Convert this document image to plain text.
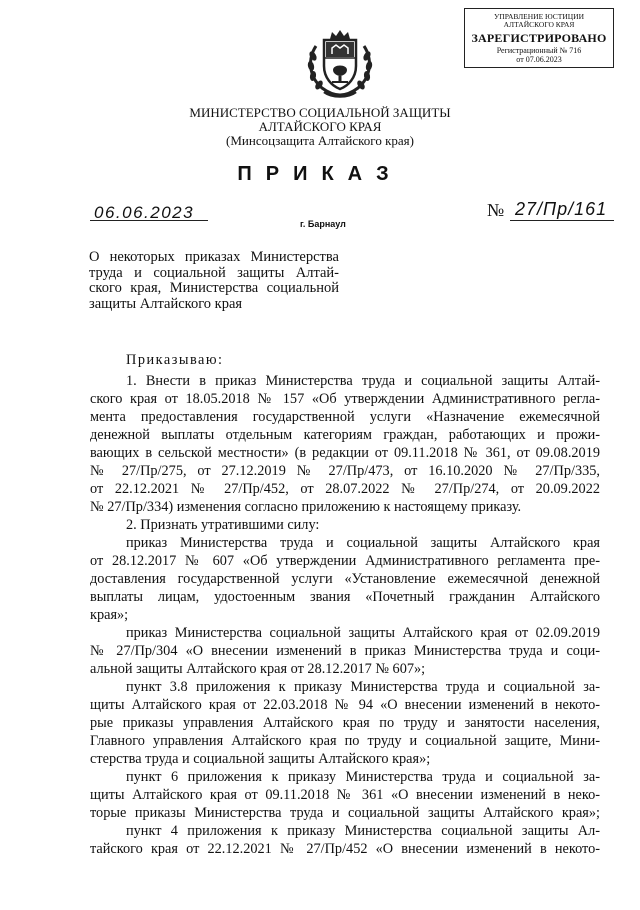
УПРАВЛЕНИЕ ЮСТИЦИИ
АЛТАЙСКОГО КРАЯ
ЗАРЕГИСТРИРОВАНО
Регистрационный № 716
от 07.06.2023
МИНИСТЕРСТВО СОЦИАЛЬНОЙ ЗАЩИТЫ
АЛТАЙСКОГО КРАЯ
(Минсоцзащита Алтайского края)
ПРИКАЗ
06.06.2023
г. Барнаул
№ 27/Пр/161
О некоторых приказах Министерства
труда и социальной защиты Алтай-
ского края, Министерства социальной
защиты Алтайского края
Приказываю:
1. Внести в приказ Министерства труда и социальной защиты Алтай-
ского края от 18.05.2018 № 157 «Об утверждении Административного регла-
мента предоставления государственной услуги «Назначение ежемесячной
денежной выплаты отдельным категориям граждан, работающих и прожи-
вающих в сельской местности» (в редакции от 09.11.2018 № 361, от 09.08.2019
№ 27/Пр/275, от 27.12.2019 № 27/Пр/473, от 16.10.2020 № 27/Пр/335,
от 22.12.2021 № 27/Пр/452, от 28.07.2022 № 27/Пр/274, от 20.09.2022
№ 27/Пр/334) изменения согласно приложению к настоящему приказу.
2. Признать утратившими силу:
приказ Министерства труда и социальной защиты Алтайского края
от 28.12.2017 № 607 «Об утверждении Административного регламента пре-
доставления государственной услуги «Установление ежемесячной денежной
выплаты лицам, удостоенным звания «Почетный гражданин Алтайского
края»;
приказ Министерства социальной защиты Алтайского края от 02.09.2019
№ 27/Пр/304 «О внесении изменений в приказ Министерства труда и соци-
альной защиты Алтайского края от 28.12.2017 № 607»;
пункт 3.8 приложения к приказу Министерства труда и социальной за-
щиты Алтайского края от 22.03.2018 № 94 «О внесении изменений в некото-
рые приказы управления Алтайского края по труду и занятости населения,
Главного управления Алтайского края по труду и социальной защите, Мини-
стерства труда и социальной защиты Алтайского края»;
пункт 6 приложения к приказу Министерства труда и социальной за-
щиты Алтайского края от 09.11.2018 № 361 «О внесении изменений в неко-
торые приказы Министерства труда и социальной защиты Алтайского края»;
пункт 4 приложения к приказу Министерства социальной защиты Ал-
тайского края от 22.12.2021 № 27/Пр/452 «О внесении изменений в некото-
